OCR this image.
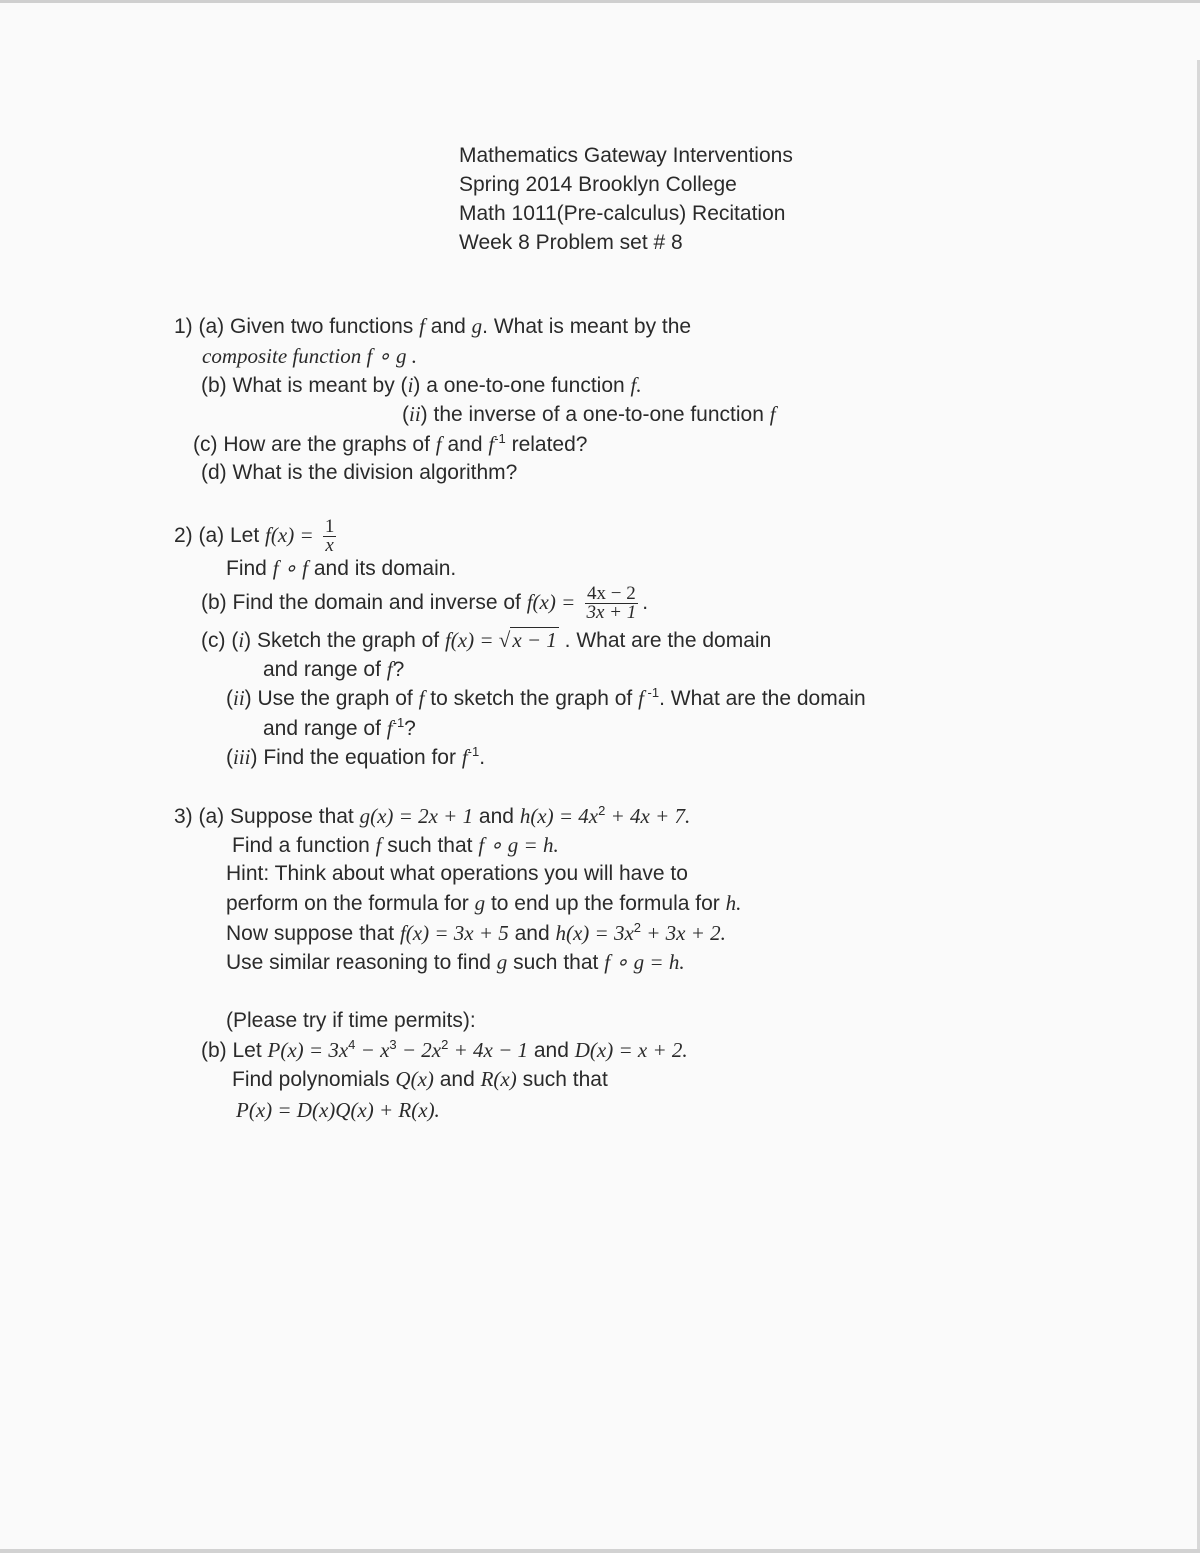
Mathematics Gateway Interventions
Spring 2014 Brooklyn College
Math 1011(Pre-calculus) Recitation
Week 8 Problem set # 8
1) (a) Given two functions f and g. What is meant by the
composite function f ∘ g .
(b) What is meant by (i) a one-to-one function f.
(ii) the inverse of a one-to-one function f
(c) How are the graphs of f and $f^{-1}$ related?
(d) What is the division algorithm?
2) (a) Let $f(x) = \frac{1}{x}$
Find f ∘ f and its domain.
(b) Find the domain and inverse of $f(x) = \frac{4x - 2}{3x + 1}$ .
(c) (i) Sketch the graph of f(x) = √x − 1 . What are the domain
and range of f?
(ii) Use the graph of f to sketch the graph of f $^{-1}$. What are the domain
and range of $f^{-1}$?
(iii) Find the equation for $f^{-1}$.
3) (a) Suppose that g(x) = 2x + 1 and $h(x) = 4x^2 + 4x + 7$.
Find a function f such that f ∘ g = h.
Hint: Think about what operations you will have to
perform on the formula for g to end up the formula for h.
Now suppose that f(x) = 3x + 5 and $h(x) = 3x^2 + 3x + 2$.
Use similar reasoning to find g such that f ∘ g = h.
(Please try if time permits):
(b) Let $P(x) = 3x^4 - x^3 - 2x^2 + 4x - 1$ and D(x) = x + 2.
Find polynomials Q(x) and R(x) such that
P(x) = D(x)Q(x) + R(x).
